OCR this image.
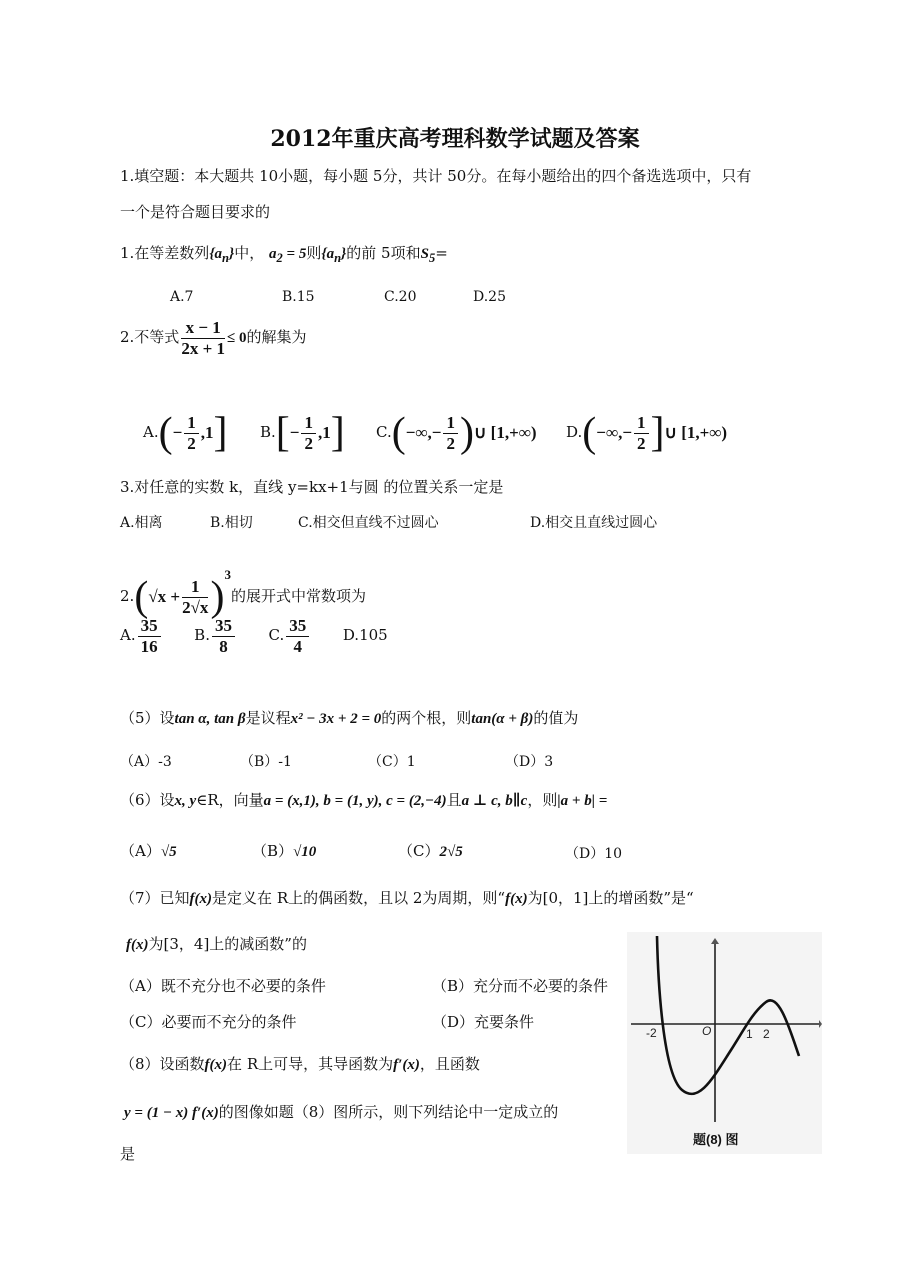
2012年重庆高考理科数学试题及答案
1.填空题：本大题共 10小题，每小题 5分，共计 50分。在每小题给出的四个备选选项中，只有
一个是符合题目要求的
1.在等差数列$\{a_n\}$中， $a_2 = 5$则$\{a_n\}$的前 5项和$S_5=$
A.7	B.15	C.20	D.25
2.不等式 $\frac{x - 1}{2x + 1} \le 0$的解集为
$A.(- \frac{1}{2} ,1]$ $B.[- \frac{1}{2} ,1]$ $C.(-\infty,- \frac{1}{2}$ )∪ [1,+∞) $D.(-\infty,- \frac{1}{2}$ ]∪ [1,+∞)
3.对任意的实数 k，直线 y=kx+1与圆 的位置关系一定是
A.相离	B.相切	C.相交但直线不过圆心	D.相交且直线过圆心
$2.(√x + \frac{1}{2√x} )^3$的展开式中常数项为
A. $\frac{35}{16} B$. $\frac{35}{8} C$. $\frac{35}{4} D.105$
（5）设tan α, tan β是议程x² − 3x + 2 = 0的两个根，则tan(α + β)的值为
（A）-3	（B）-1	（C）1	（D）3
（6）设x, y∈R，向量a = (x,1), b = (1, y), c = (2,−4)且a ⊥ c, b∥c，则|a + b| =
（A）√5	（B）√10	（C）2√5	（D）10
（7）已知f(x)是定义在 R上的偶函数，且以 2为周期，则“f(x)为[0，1]上的增函数”是“
f(x)为[3，4]上的减函数”的
（A）既不充分也不必要的条件	（B）充分而不必要的条件
（C）必要而不充分的条件	（D）充要条件
（8）设函数f(x)在 R上可导，其导函数为f′(x)，且函数
y = (1 − x) f′(x)的图像如题（8）图所示，则下列结论中一定成立的
是
-2	O	1 2
题(8) 图
